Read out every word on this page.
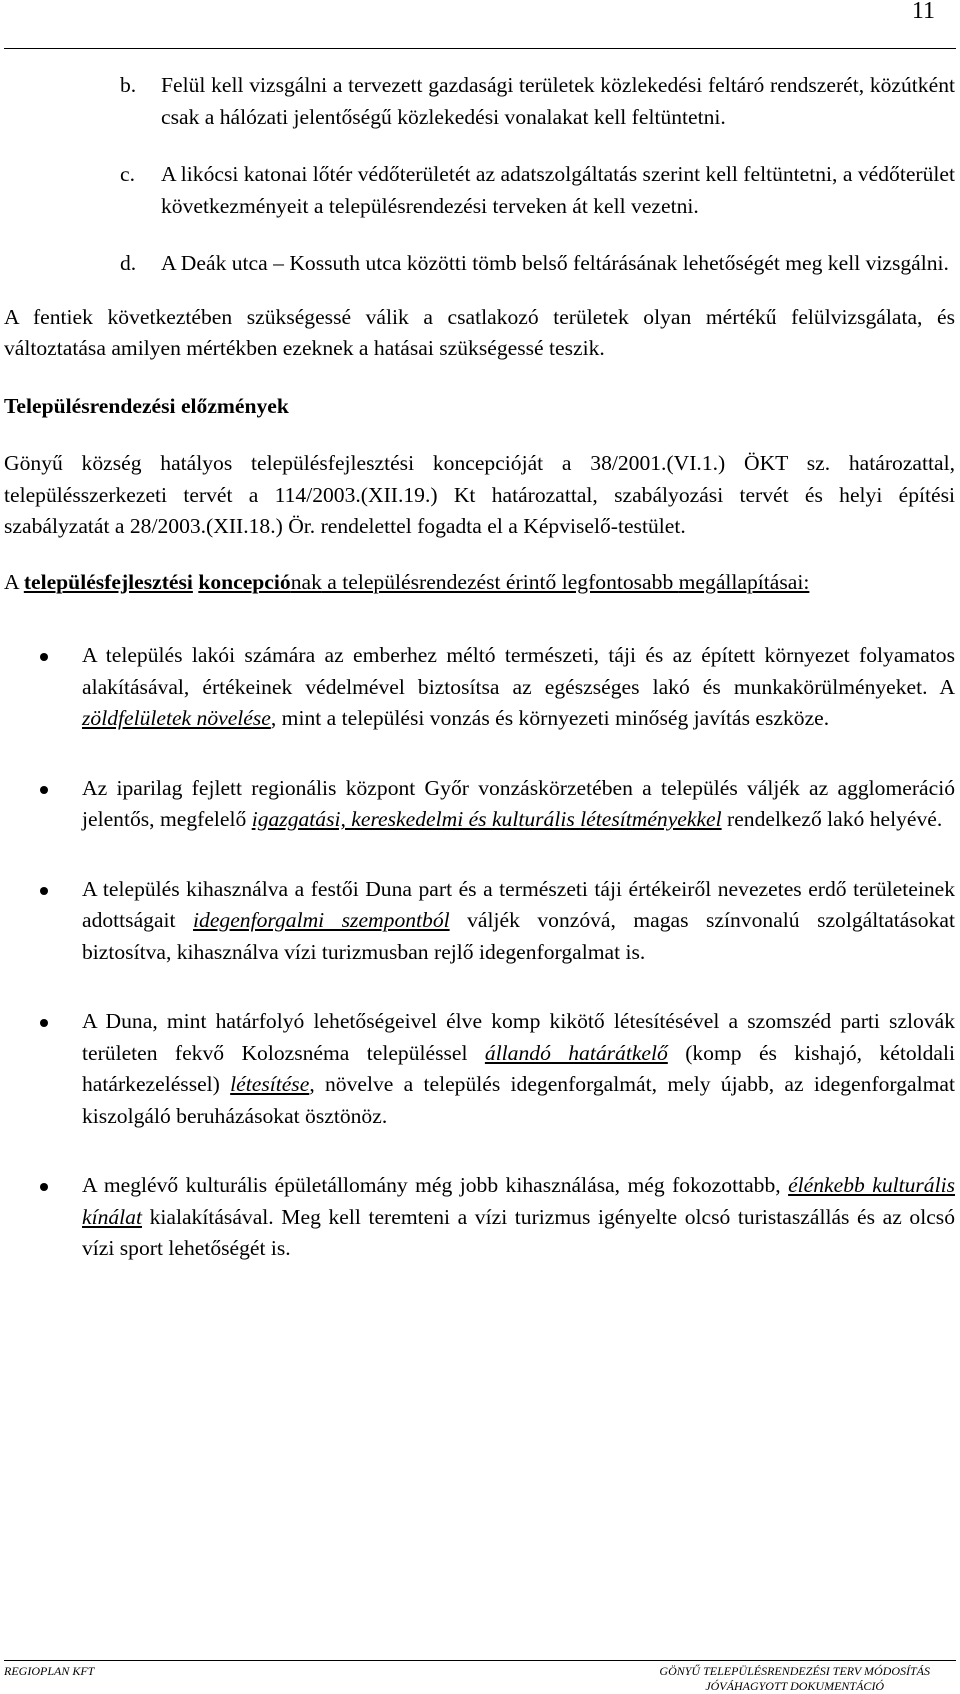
11
b.	Felül kell vizsgálni a tervezett gazdasági területek közlekedési feltáró rendszerét, közútként csak a hálózati jelentőségű közlekedési vonalakat kell feltüntetni.
c.	A likócsi katonai lőtér védőterületét az adatszolgáltatás szerint kell feltüntetni, a védőterület következményeit a településrendezési terveken át kell vezetni.
d.	A Deák utca – Kossuth utca közötti tömb belső feltárásának lehetőségét meg kell vizsgálni.

A fentiek következtében szükségessé válik a csatlakozó területek olyan mértékű felülvizsgálata, és változtatása amilyen mértékben ezeknek a hatásai szükségessé teszik.

Településrendezési előzmények

Gönyű község hatályos településfejlesztési koncepcióját a 38/2001.(VI.1.) ÖKT sz. határozattal, településszerkezeti tervét a 114/2003.(XII.19.) Kt határozattal, szabályozási tervét és helyi építési szabályzatát a 28/2003.(XII.18.) Ör. rendelettel fogadta el a Képviselő-testület.

A településfejlesztési koncepciónak a településrendezést érintő legfontosabb megállapításai:

A település lakói számára az emberhez méltó természeti, táji és az épített környezet folyamatos alakításával, értékeinek védelmével biztosítsa az egészséges lakó és munkakörülményeket. A zöldfelületek növelése, mint a települési vonzás és környezeti minőség javítás eszköze.
Az iparilag fejlett regionális központ Győr vonzáskörzetében a település váljék az agglomeráció jelentős, megfelelő igazgatási, kereskedelmi és kulturális létesítményekkel rendelkező lakó helyévé.
A település kihasználva a festői Duna part és a természeti táji értékeiről nevezetes erdő területeinek adottságait idegenforgalmi szempontból váljék vonzóvá, magas színvonalú szolgáltatásokat biztosítva, kihasználva vízi turizmusban rejlő idegenforgalmat is.
A Duna, mint határfolyó lehetőségeivel élve komp kikötő létesítésével a szomszéd parti szlovák területen fekvő Kolozsnéma településsel állandó határátkelő (komp és kishajó, kétoldali határkezeléssel) létesítése, növelve a település idegenforgalmát, mely újabb, az idegenforgalmat kiszolgáló beruházásokat ösztönöz.
A meglévő kulturális épületállomány még jobb kihasználása, még fokozottabb, élénkebb kulturális kínálat kialakításával. Meg kell teremteni a vízi turizmus igényelte olcsó turistaszállás és az olcsó vízi sport lehetőségét is.
REGIOPLAN KFT	GÖNYŰ TELEPÜLÉSRENDEZÉSI TERV MÓDOSÍTÁS
JÓVÁHAGYOTT DOKUMENTÁCIÓ
